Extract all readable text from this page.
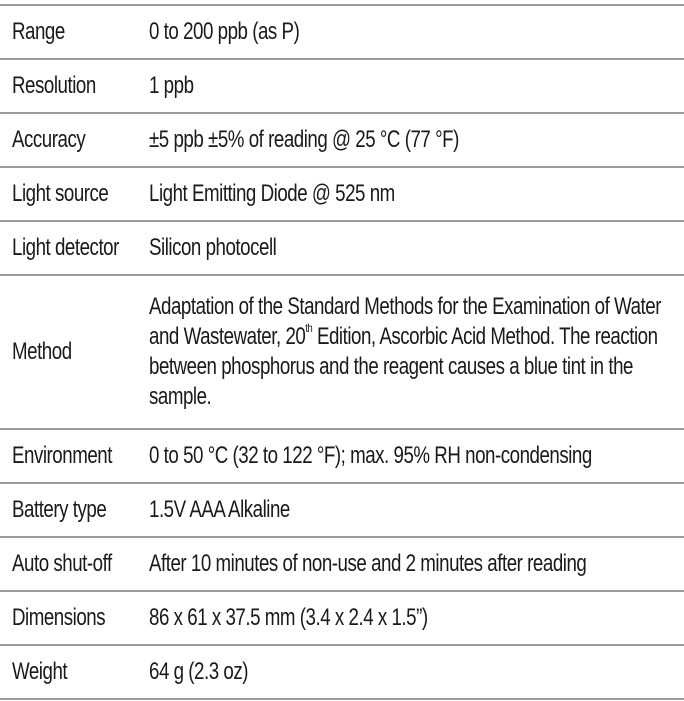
Range	0 to 200 ppb (as P)
Resolution	1 ppb
Accuracy	±5 ppb ±5% of reading @ 25 °C (77 °F)
Light source	Light Emitting Diode @ 525 nm
Light detector	Silicon photocell
Method	Adaptation of the Standard Methods for the Examination of Water and Wastewater, 20th Edition, Ascorbic Acid Method. The reaction between phosphorus and the reagent causes a blue tint in the sample.

Environment	0 to 50 °C (32 to 122 °F); max. 95% RH non-condensing
Battery type	1.5V AAA Alkaline
Auto shut-off	After 10 minutes of non-use and 2 minutes after reading
Dimensions	86 x 61 x 37.5 mm (3.4 x 2.4 x 1.5”)
Weight	64 g (2.3 oz)
